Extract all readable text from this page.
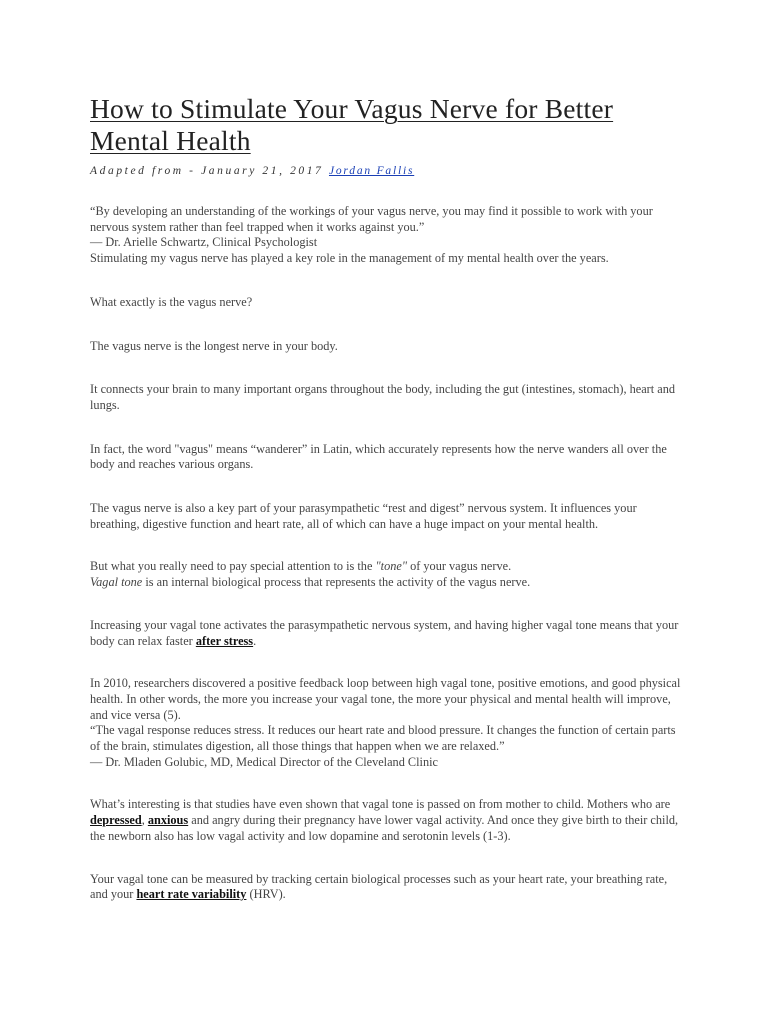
How to Stimulate Your Vagus Nerve for Better
Mental Health
Adapted from - January 21, 2017 Jordan Fallis

“By developing an understanding of the workings of your vagus nerve, you may find it possible to work with your nervous system rather than feel trapped when it works against you.”
— Dr. Arielle Schwartz, Clinical Psychologist
Stimulating my vagus nerve has played a key role in the management of my mental health over the years.

What exactly is the vagus nerve?

The vagus nerve is the longest nerve in your body.

It connects your brain to many important organs throughout the body, including the gut (intestines, stomach), heart and lungs.

In fact, the word "vagus" means “wanderer” in Latin, which accurately represents how the nerve wanders all over the body and reaches various organs.

The vagus nerve is also a key part of your parasympathetic “rest and digest” nervous system. It influences your breathing, digestive function and heart rate, all of which can have a huge impact on your mental health.

But what you really need to pay special attention to is the "tone" of your vagus nerve.
Vagal tone is an internal biological process that represents the activity of the vagus nerve.

Increasing your vagal tone activates the parasympathetic nervous system, and having higher vagal tone means that your body can relax faster after stress.

In 2010, researchers discovered a positive feedback loop between high vagal tone, positive emotions, and good physical health. In other words, the more you increase your vagal tone, the more your physical and mental health will improve, and vice versa (5).
“The vagal response reduces stress. It reduces our heart rate and blood pressure. It changes the function of certain parts of the brain, stimulates digestion, all those things that happen when we are relaxed.”
— Dr. Mladen Golubic, MD, Medical Director of the Cleveland Clinic

What’s interesting is that studies have even shown that vagal tone is passed on from mother to child. Mothers who are depressed, anxious and angry during their pregnancy have lower vagal activity. And once they give birth to their child, the newborn also has low vagal activity and low dopamine and serotonin levels (1-3).

Your vagal tone can be measured by tracking certain biological processes such as your heart rate, your breathing rate, and your heart rate variability (HRV).
